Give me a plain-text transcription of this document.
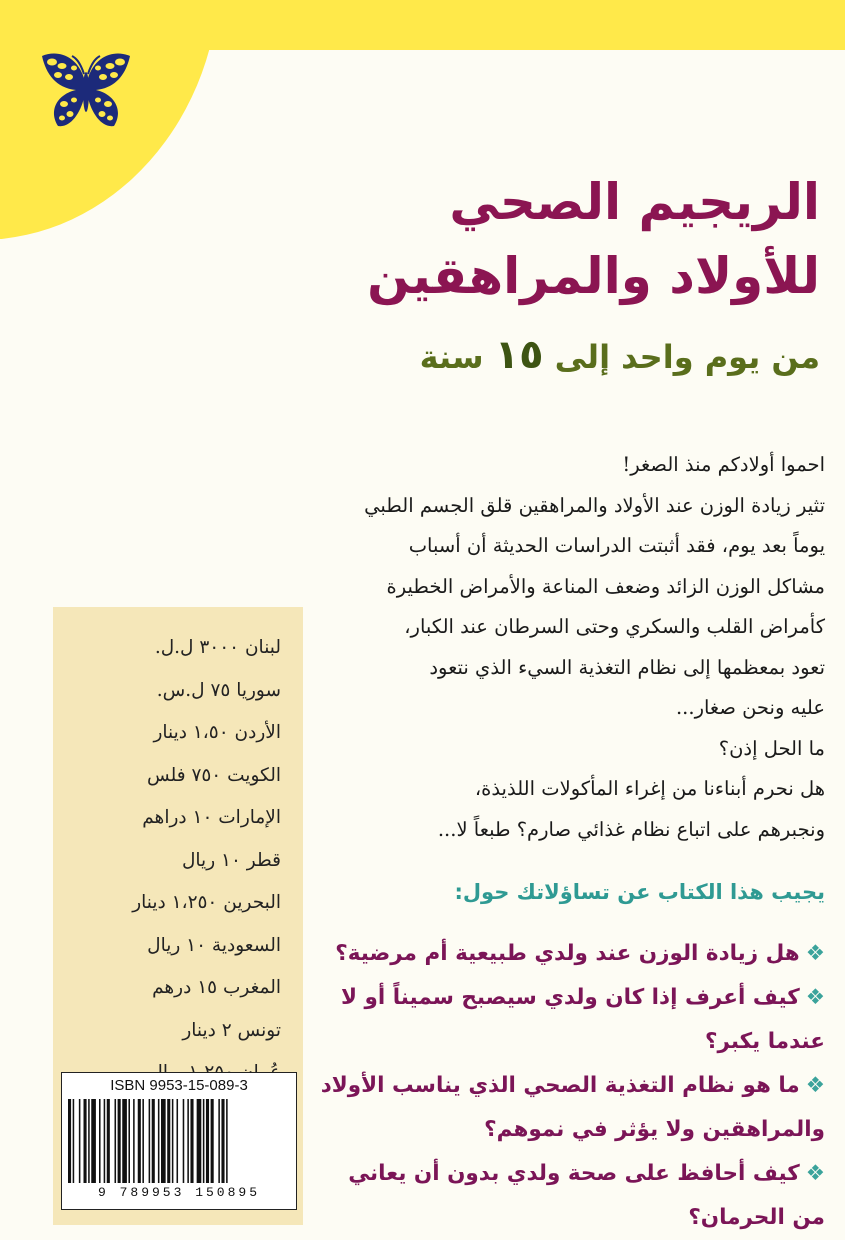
الريجيم الصحي
للأولاد والمراهقين
من يوم واحد إلى ١٥ سنة

احموا أولادكم منذ الصغر!

تثير زيادة الوزن عند الأولاد والمراهقين قلق الجسم الطبي

يوماً بعد يوم، فقد أثبتت الدراسات الحديثة أن أسباب

مشاكل الوزن الزائد وضعف المناعة والأمراض الخطيرة

كأمراض القلب والسكري وحتى السرطان عند الكبار،

تعود بمعظمها إلى نظام التغذية السيء الذي نتعود

عليه ونحن صغار...

ما الحل إذن؟

هل نحرم أبناءنا من إغراء المأكولات اللذيذة،

ونجبرهم على اتباع نظام غذائي صارم؟ طبعاً لا...

يجيب هذا الكتاب عن تساؤلاتك حول:
❖هل زيادة الوزن عند ولدي طبيعية أم مرضية؟
❖كيف أعرف إذا كان ولدي سيصبح سميناً أو لا
عندما يكبر؟
❖ما هو نظام التغذية الصحي الذي يناسب الأولاد
والمراهقين ولا يؤثر في نموهم؟
❖كيف أحافظ على صحة ولدي بدون أن يعاني
من الحرمان؟
لبنان ٣٠٠٠ ل.ل.
سوريا ٧٥ ل.س.
الأردن ١،٥٠ دينار
الكويت ٧٥٠ فلس
الإمارات ١٠ دراهم
قطر ١٠ ريال
البحرين ١،٢٥٠ دينار
السعودية ١٠ ريال
المغرب ١٥ درهم
تونس ٢ دينار
ISBN 9953-15-089-3
9 789953 150895
